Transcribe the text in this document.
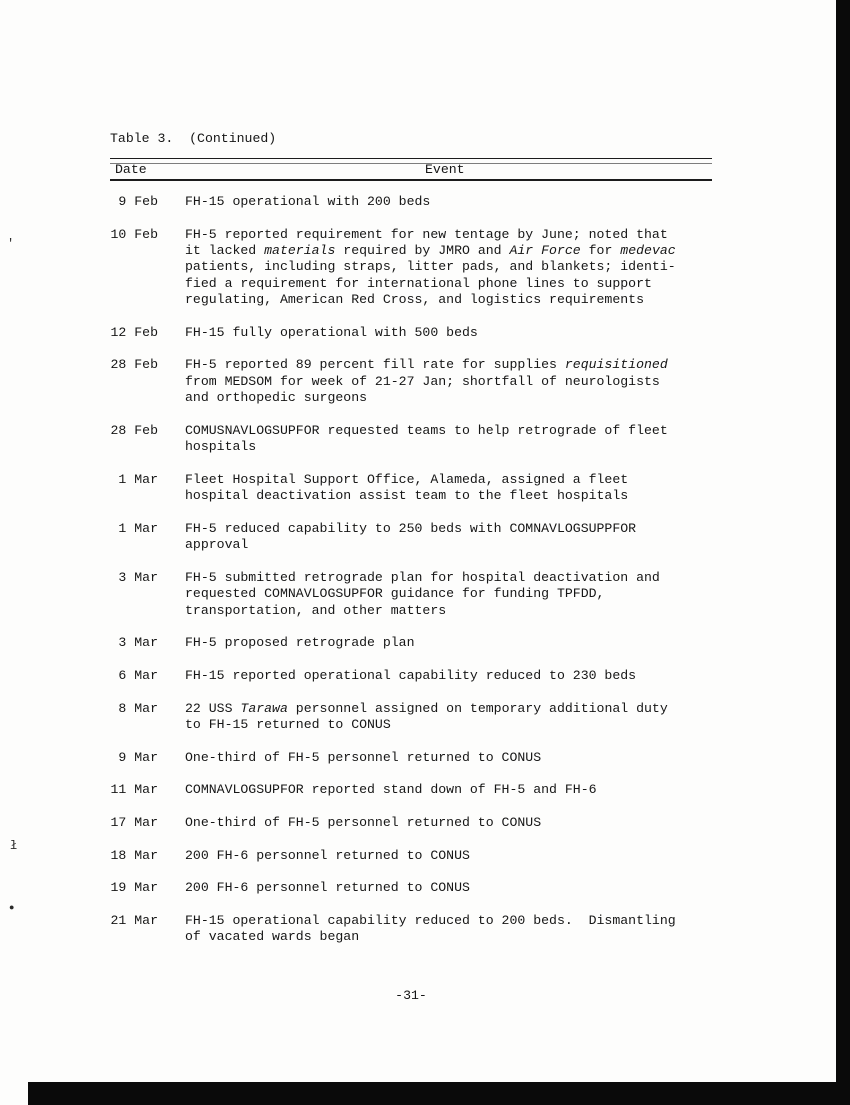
'
ł
●
Table 3.  (Continued)
Date	Event
9 Feb FH-15 operational with 200 beds
10 Feb FH-5 reported requirement for new tentage by June; noted that
it lacked materials required by JMRO and Air Force for medevac
patients, including straps, litter pads, and blankets; identi-
fied a requirement for international phone lines to support
regulating, American Red Cross, and logistics requirements
12 Feb FH-15 fully operational with 500 beds
28 Feb FH-5 reported 89 percent fill rate for supplies requisitioned
from MEDSOM for week of 21-27 Jan; shortfall of neurologists
and orthopedic surgeons
28 Feb COMUSNAVLOGSUPFOR requested teams to help retrograde of fleet
hospitals
1 Mar Fleet Hospital Support Office, Alameda, assigned a fleet
hospital deactivation assist team to the fleet hospitals
1 Mar FH-5 reduced capability to 250 beds with COMNAVLOGSUPPFOR
approval
3 Mar FH-5 submitted retrograde plan for hospital deactivation and
requested COMNAVLOGSUPFOR guidance for funding TPFDD,
transportation, and other matters
3 Mar FH-5 proposed retrograde plan
6 Mar FH-15 reported operational capability reduced to 230 beds
8 Mar 22 USS Tarawa personnel assigned on temporary additional duty
to FH-15 returned to CONUS
9 Mar One-third of FH-5 personnel returned to CONUS
11 Mar COMNAVLOGSUPFOR reported stand down of FH-5 and FH-6
17 Mar One-third of FH-5 personnel returned to CONUS
18 Mar 200 FH-6 personnel returned to CONUS
19 Mar 200 FH-6 personnel returned to CONUS
21 Mar FH-15 operational capability reduced to 200 beds.  Dismantling
of vacated wards began
-31-
